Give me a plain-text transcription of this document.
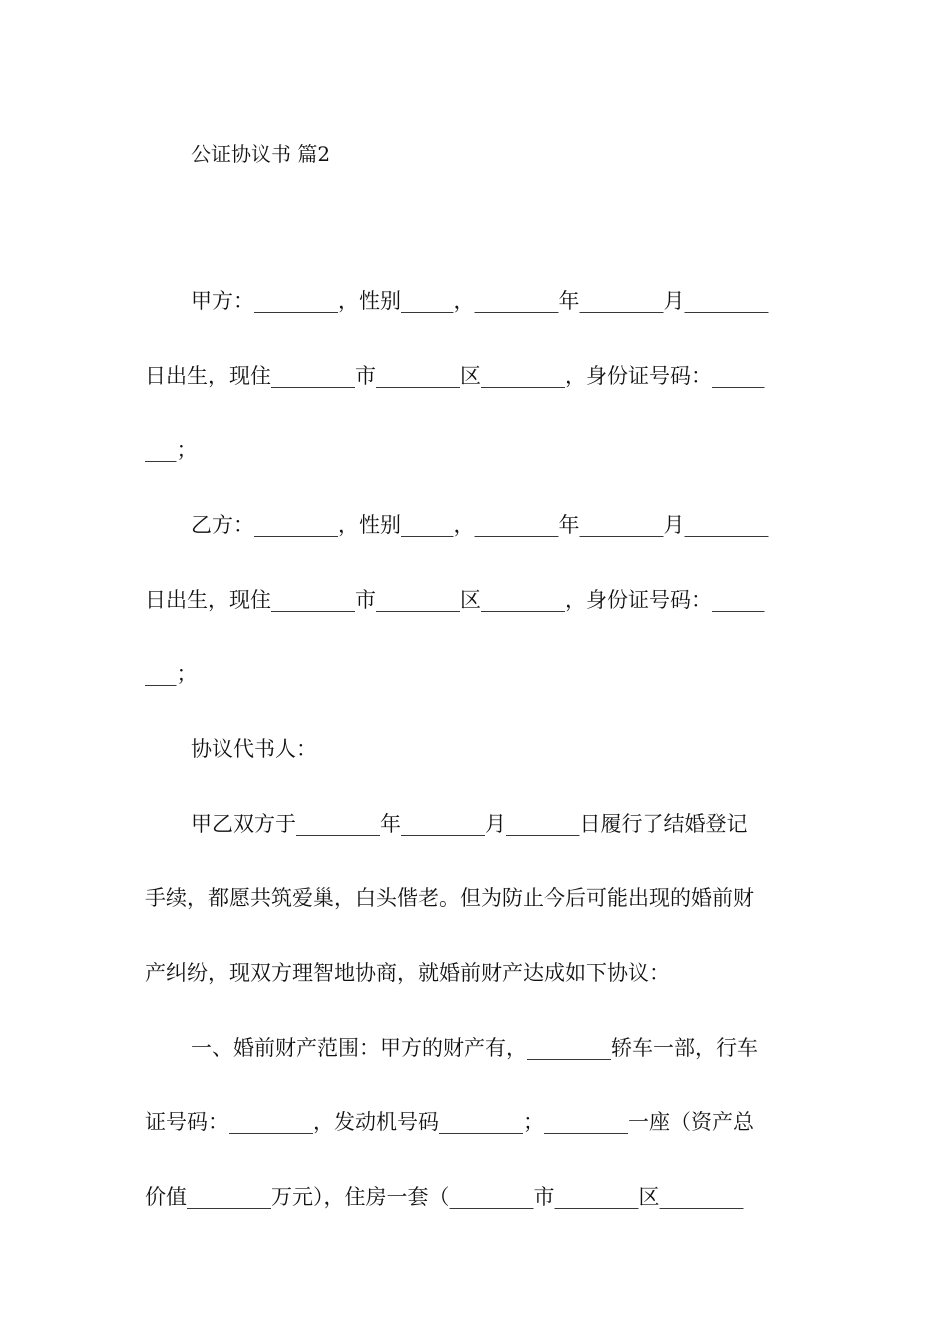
公证协议书 篇2
甲方：________，性别_____，________年________月________
日出生，现住________市________区________，身份证号码：_____
___；
乙方：________，性别_____，________年________月________
日出生，现住________市________区________，身份证号码：_____
___；
协议代书人：
甲乙双方于________年________月_______日履行了结婚登记
手续，都愿共筑爱巢，白头偕老。但为防止今后可能出现的婚前财
产纠纷，现双方理智地协商，就婚前财产达成如下协议：
一、婚前财产范围：甲方的财产有，________轿车一部，行车
证号码：________，发动机号码________；________一座（资产总
价值________万元），住房一套（________市________区________
